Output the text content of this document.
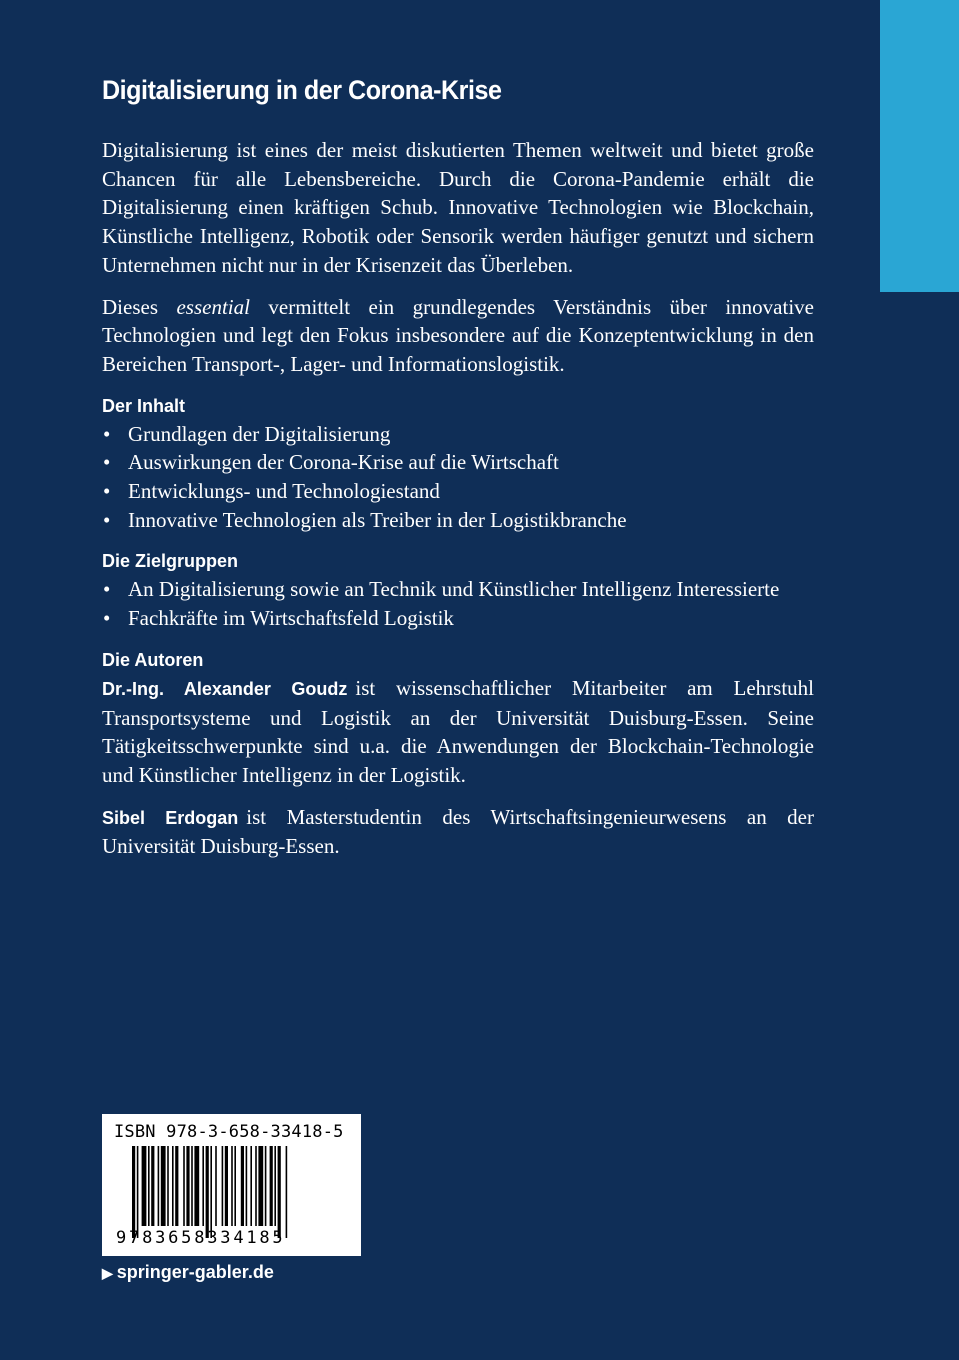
Digitalisierung in der Corona-Krise

Digitalisierung ist eines der meist diskutierten Themen weltweit und bietet große Chancen für alle Lebensbereiche. Durch die Corona-Pandemie erhält die Digitalisierung einen kräftigen Schub. Innovative Technologien wie Blockchain, Künstliche Intelligenz, Robotik oder Sensorik werden häufiger genutzt und sichern Unternehmen nicht nur in der Krisenzeit das Überleben.

Dieses essential vermittelt ein grundlegendes Verständnis über innovative Technologien und legt den Fokus insbesondere auf die Konzeptentwicklung in den Bereichen Transport-, Lager- und Informationslogistik.

Der Inhalt
• Grundlagen der Digitalisierung
• Auswirkungen der Corona-Krise auf die Wirtschaft
• Entwicklungs- und Technologiestand
• Innovative Technologien als Treiber in der Logistikbranche
Die Zielgruppen
• An Digitalisierung sowie an Technik und Künstlicher Intelligenz Interessierte
• Fachkräfte im Wirtschaftsfeld Logistik
Die Autoren

Dr.-Ing. Alexander Goudz ist wissenschaftlicher Mitarbeiter am Lehrstuhl Transportsysteme und Logistik an der Universität Duisburg-Essen. Seine Tätigkeitsschwerpunkte sind u.a. die Anwendungen der Blockchain-Technologie und Künstlicher Intelligenz in der Logistik.

Sibel Erdogan ist Masterstudentin des Wirtschaftsingenieurwesens an der Universität Duisburg-Essen.

ISBN 978-3-658-33418-5
9783658334185
▶ springer-gabler.de
